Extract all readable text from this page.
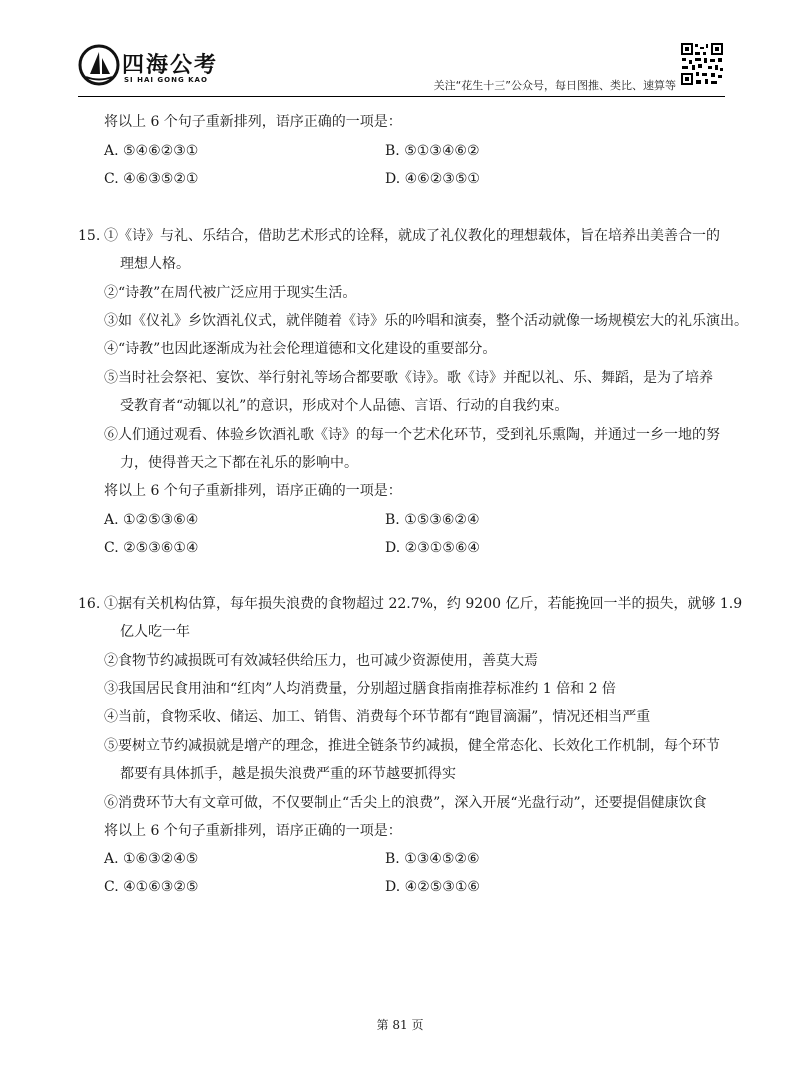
四海公考
SI HAI GONG KAO	关注“花生十三”公众号，每日图推、类比、速算等
将以上 6 个句子重新排列，语序正确的一项是：
A. ⑤④⑥②③①	B. ⑤①③④⑥②
C. ④⑥③⑤②①	D. ④⑥②③⑤①
15. ①《诗》与礼、乐结合，借助艺术形式的诠释，就成了礼仪教化的理想载体，旨在培养出美善合一的
理想人格。
②“诗教”在周代被广泛应用于现实生活。
③如《仪礼》乡饮酒礼仪式，就伴随着《诗》乐的吟唱和演奏，整个活动就像一场规模宏大的礼乐演出。
④“诗教”也因此逐渐成为社会伦理道德和文化建设的重要部分。
⑤当时社会祭祀、宴饮、举行射礼等场合都要歌《诗》。歌《诗》并配以礼、乐、舞蹈，是为了培养
受教育者“动辄以礼”的意识，形成对个人品德、言语、行动的自我约束。
⑥人们通过观看、体验乡饮酒礼歌《诗》的每一个艺术化环节，受到礼乐熏陶，并通过一乡一地的努
力，使得普天之下都在礼乐的影响中。
将以上 6 个句子重新排列，语序正确的一项是：
A. ①②⑤③⑥④	B. ①⑤③⑥②④
C. ②⑤③⑥①④	D. ②③①⑤⑥④
16. ①据有关机构估算，每年损失浪费的食物超过 22.7%，约 9200 亿斤，若能挽回一半的损失，就够 1.9
亿人吃一年
②食物节约减损既可有效减轻供给压力，也可减少资源使用，善莫大焉
③我国居民食用油和“红肉”人均消费量，分别超过膳食指南推荐标准约 1 倍和 2 倍
④当前，食物采收、储运、加工、销售、消费每个环节都有“跑冒滴漏”，情况还相当严重
⑤要树立节约减损就是增产的理念，推进全链条节约减损，健全常态化、长效化工作机制，每个环节
都要有具体抓手，越是损失浪费严重的环节越要抓得实
⑥消费环节大有文章可做，不仅要制止“舌尖上的浪费”，深入开展“光盘行动”，还要提倡健康饮食
将以上 6 个句子重新排列，语序正确的一项是：
A. ①⑥③②④⑤	B. ①③④⑤②⑥
C. ④①⑥③②⑤	D. ④②⑤③①⑥
第 81 页
